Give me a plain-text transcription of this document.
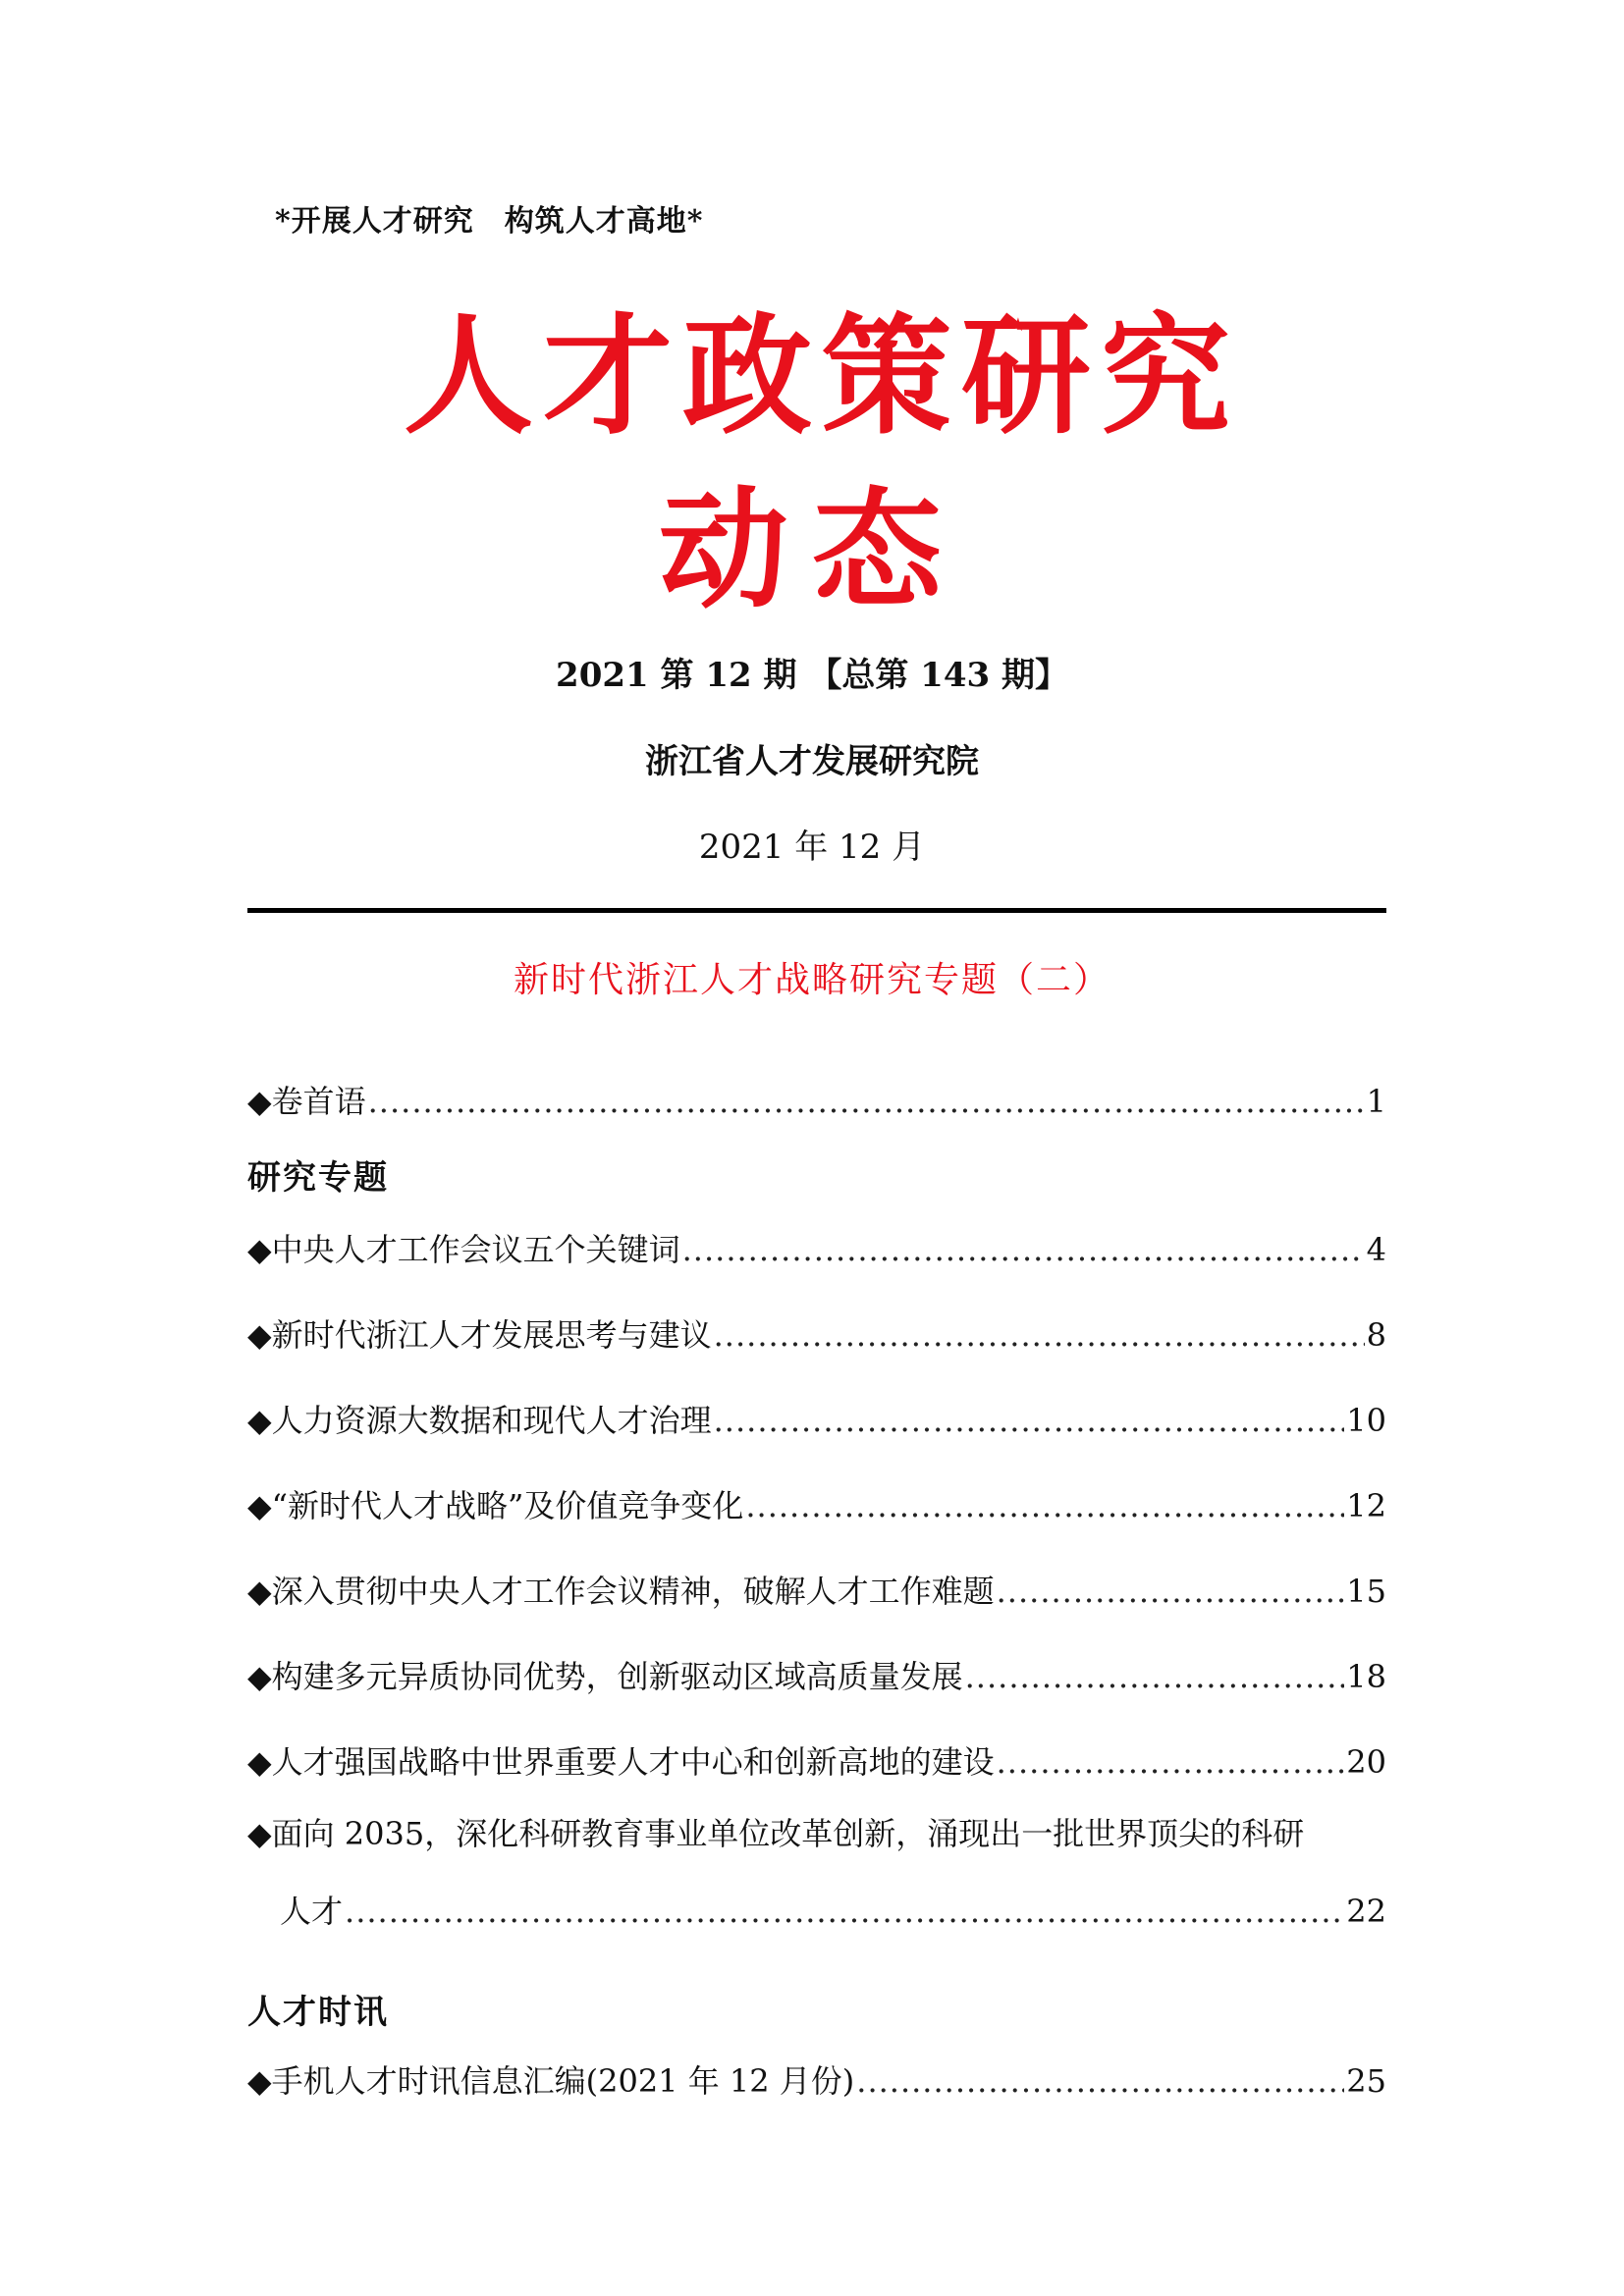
*开展人才研究　构筑人才高地*
人才政策研究
动态
2021 第 12 期 【总第 143 期】
浙江省人才发展研究院
2021 年 12 月
新时代浙江人才战略研究专题（二）
◆卷首语 .....	1
研究专题
◆中央人才工作会议五个关键词 .....	4
◆新时代浙江人才发展思考与建议 .....	8
◆人力资源大数据和现代人才治理 .....	10
◆“新时代人才战略”及价值竞争变化 .....	12
◆深入贯彻中央人才工作会议精神，破解人才工作难题 .....	15
◆构建多元异质协同优势，创新驱动区域高质量发展 .....	18
◆人才强国战略中世界重要人才中心和创新高地的建设 .....	20
◆面向 2035，深化科研教育事业单位改革创新，涌现出一批世界顶尖的科研
人才 .....	22
人才时讯
◆手机人才时讯信息汇编(2021 年 12 月份) .....	25
